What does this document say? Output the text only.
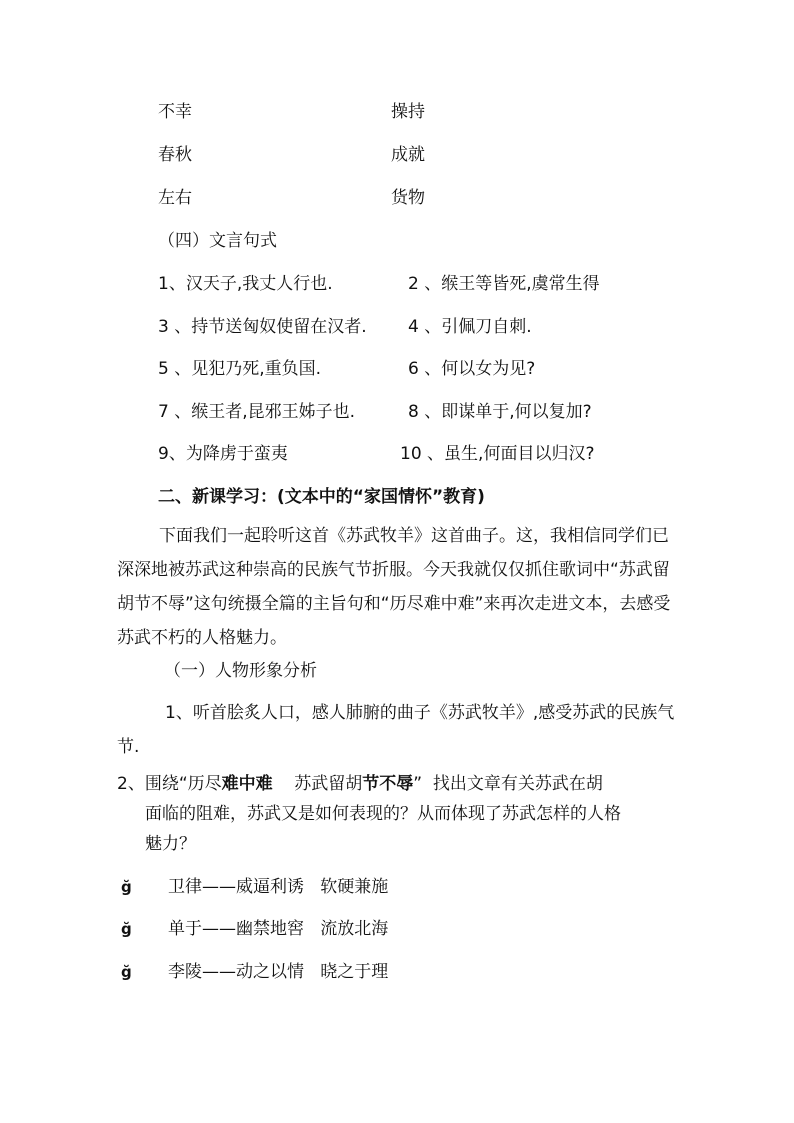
不幸	操持
春秋	成就
左右	货物
（四）文言句式
1、汉天子,我丈人行也.	2 、缑王等皆死,虞常生得
3 、持节送匈奴使留在汉者. 4 、引佩刀自刺.
5 、见犯乃死,重负国.	6 、何以女为见?
7 、缑王者,昆邪王姊子也.	8 、即谋单于,何以复加?
9、为降虏于蛮夷	10 、虽生,何面目以归汉?
二、新课学习：(文本中的“家国情怀”教育)

下面我们一起聆听这首《苏武牧羊》这首曲子。这，我相信同学们已深深地被苏武这种崇高的民族气节折服。今天我就仅仅抓住歌词中“苏武留胡节不辱”这句统摄全篇的主旨句和“历尽难中难”来再次走进文本，去感受苏武不朽的人格魅力。

（一）人物形象分析

1、听首脍炙人口，感人肺腑的曲子《苏武牧羊》,感受苏武的民族气节.

2、围绕“历尽难中难    苏武留胡节不辱”  找出文章有关苏武在胡
面临的阻难，苏武又是如何表现的？从而体现了苏武怎样的人格
魅力？
ğ 卫律——威逼利诱   软硬兼施
ğ 单于——幽禁地窖   流放北海
ğ 李陵——动之以情   晓之于理
